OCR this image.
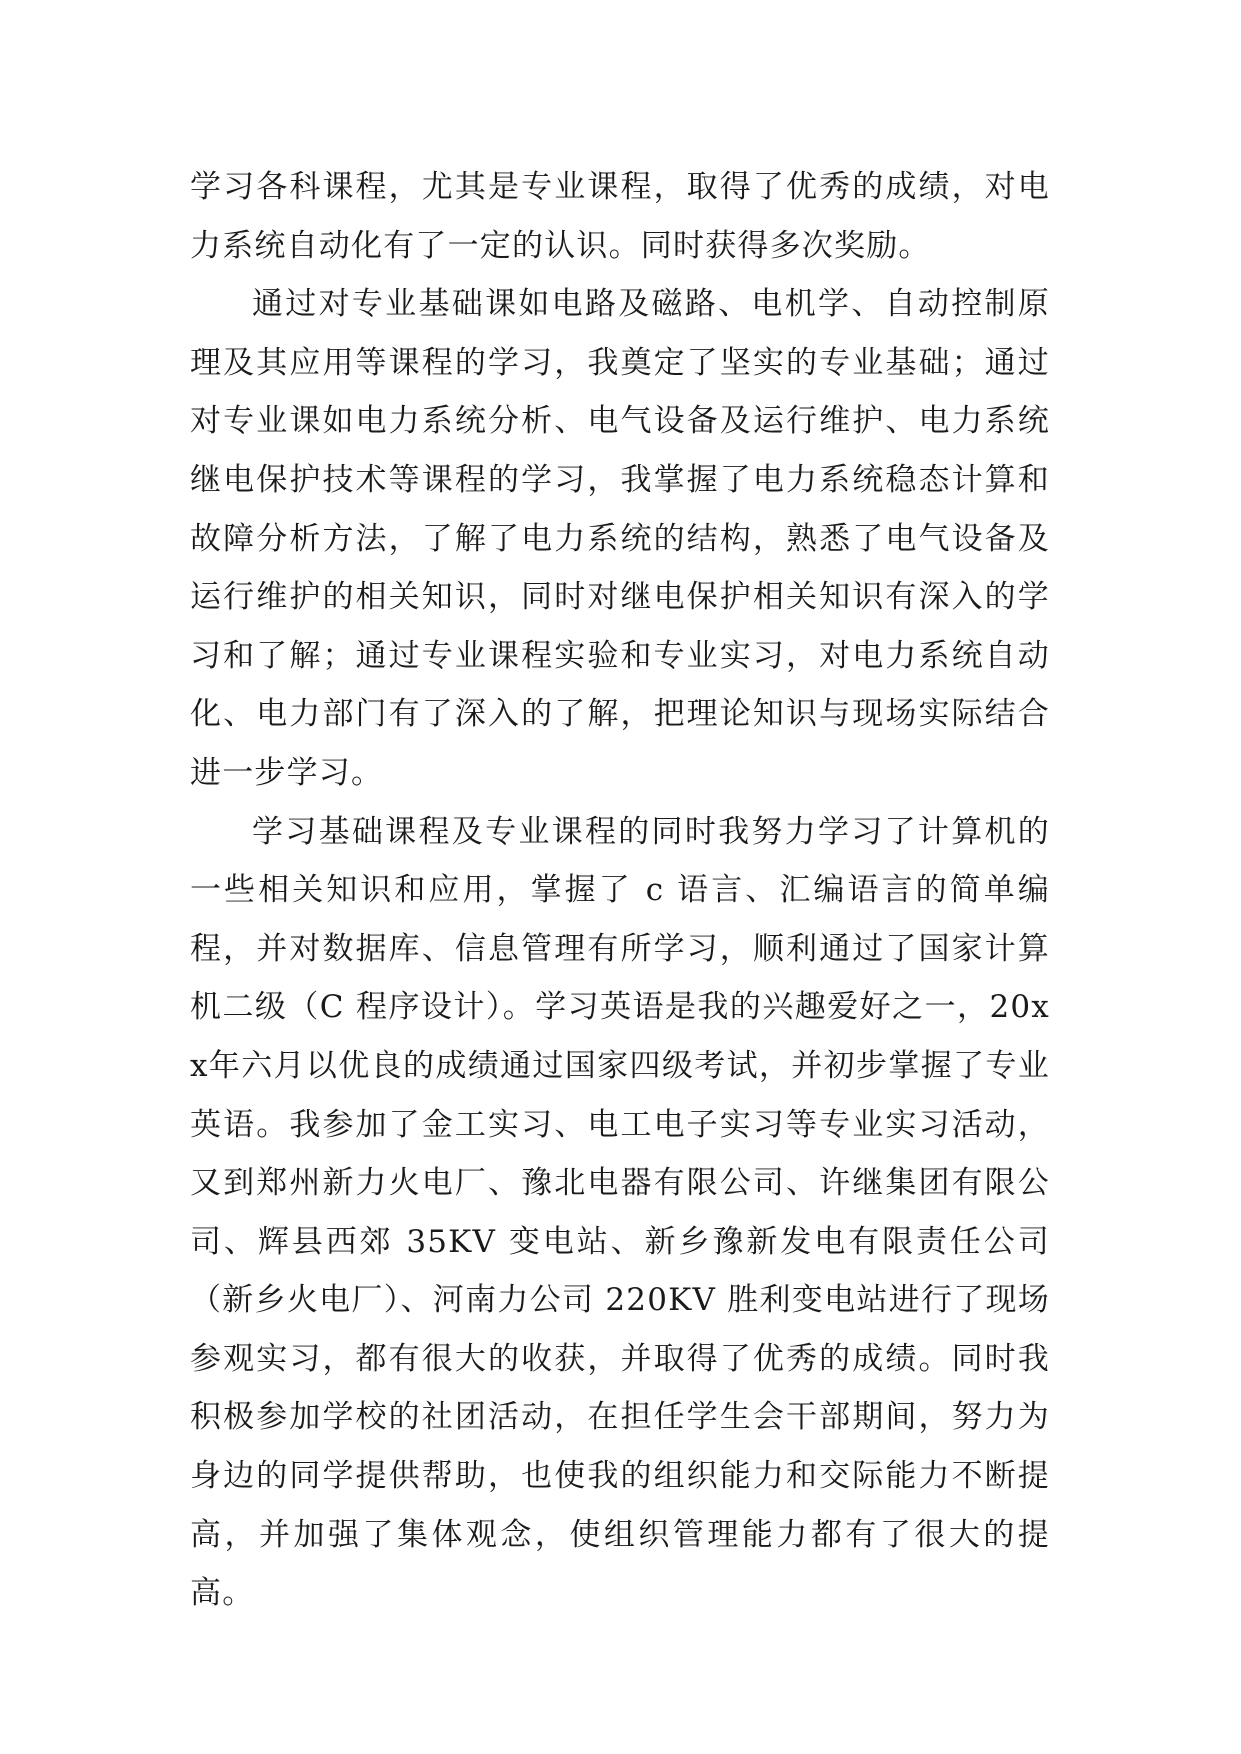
学习各科课程，尤其是专业课程，取得了优秀的成绩，对电力系统自动化有了一定的认识。同时获得多次奖励。

通过对专业基础课如电路及磁路、电机学、自动控制原理及其应用等课程的学习，我奠定了坚实的专业基础；通过对专业课如电力系统分析、电气设备及运行维护、电力系统继电保护技术等课程的学习，我掌握了电力系统稳态计算和故障分析方法，了解了电力系统的结构，熟悉了电气设备及运行维护的相关知识，同时对继电保护相关知识有深入的学习和了解；通过专业课程实验和专业实习，对电力系统自动化、电力部门有了深入的了解，把理论知识与现场实际结合进一步学习。

学习基础课程及专业课程的同时我努力学习了计算机的一些相关知识和应用，掌握了 c 语言、汇编语言的简单编程，并对数据库、信息管理有所学习，顺利通过了国家计算机二级（C 程序设计）。学习英语是我的兴趣爱好之一，20xx年六月以优良的成绩通过国家四级考试，并初步掌握了专业英语。我参加了金工实习、电工电子实习等专业实习活动，又到郑州新力火电厂、豫北电器有限公司、许继集团有限公司、辉县西郊 35KV 变电站、新乡豫新发电有限责任公司（新乡火电厂）、河南力公司 220KV 胜利变电站进行了现场参观实习，都有很大的收获，并取得了优秀的成绩。同时我积极参加学校的社团活动，在担任学生会干部期间，努力为身边的同学提供帮助，也使我的组织能力和交际能力不断提高，并加强了集体观念，使组织管理能力都有了很大的提高。
